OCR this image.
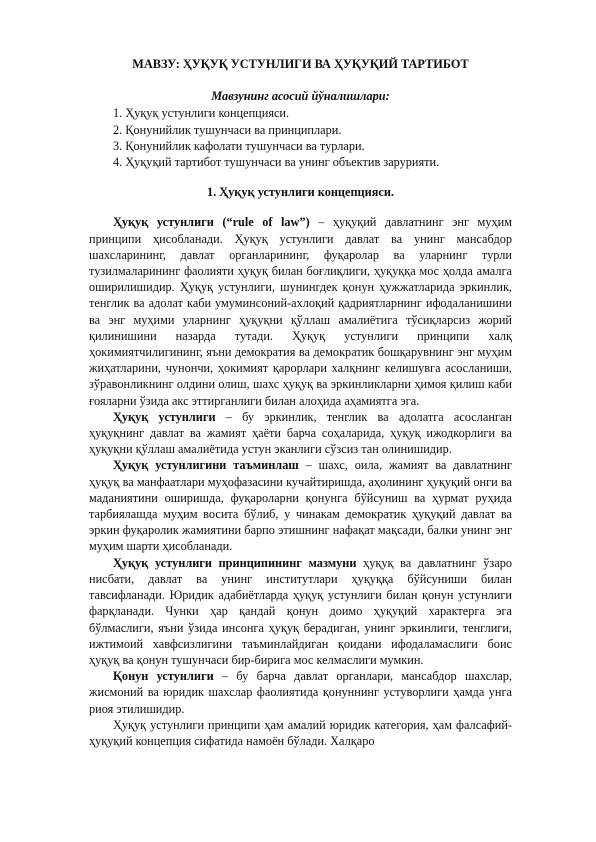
МАВЗУ: ҲУҚУҚ УСТУНЛИГИ ВА ҲУҚУҚИЙ ТАРТИБОТ
Мавзунинг асосий йўналишлари:
1. Ҳуқуқ устунлиги концепцияси.
2. Қонунийлик тушунчаси ва принциплари.
3. Қонунийлик кафолати тушунчаси ва турлари.
4. Ҳуқуқий тартибот тушунчаси ва унинг объектив зарурияти.
1. Ҳуқуқ устунлиги концепцияси.

Ҳуқуқ устунлиги (“rule of law”) – ҳуқуқий давлатнинг энг муҳим принципи ҳисобланади. Ҳуқуқ устунлиги давлат ва унинг мансабдор шахсларининг, давлат органларининг, фуқаролар ва уларнинг турли тузилмаларининг фаолияти ҳуқуқ билан боғлиқлиги, ҳуқуққа мос ҳолда амалга оширилишидир. Ҳуқуқ устунлиги, шунингдек қонун ҳужжатларида эркинлик, тенглик ва адолат каби умуминсоний-ахлоқий қадриятларнинг ифодаланишини ва энг муҳими уларнинг ҳуқуқни қўллаш амалиётига тўсиқларсиз жорий қилинишини назарда тутади. Ҳуқуқ устунлиги принципи халқ ҳокимиятчилигининг, яъни демократия ва демократик бошқарувнинг энг муҳим жиҳатларини, чунончи, ҳокимият қарорлари халқнинг келишувга асосланиши, зўравонликнинг олдини олиш, шахс ҳуқуқ ва эркинликларни ҳимоя қилиш каби ғояларни ўзида акс эттирганлиги билан алоҳида аҳамиятга эга.

Ҳуқуқ устунлиги – бу эркинлик, тенглик ва адолатга асосланган ҳуқуқнинг давлат ва жамият ҳаёти барча соҳаларида, ҳуқуқ ижодкорлиги ва ҳуқуқни қўллаш амалиётида устун эканлиги сўзсиз тан олинишидир.

Ҳуқуқ устунлигини таъминлаш – шахс, оила, жамият ва давлатнинг ҳуқуқ ва манфаатлари муҳофазасини кучайтиришда, аҳолининг ҳуқуқий онги ва маданиятини оширишда, фуқароларни қонунга бўйсуниш ва ҳурмат руҳида тарбиялашда муҳим восита бўлиб, у чинакам демократик ҳуқуқий давлат ва эркин фуқаролик жамиятини барпо этишнинг нафақат мақсади, балки унинг энг муҳим шарти ҳисобланади.

Ҳуқуқ устунлиги принципининг мазмуни ҳуқуқ ва давлатнинг ўзаро нисбати, давлат ва унинг институтлари ҳуқуққа бўйсуниши билан тавсифланади. Юридик адабиётларда ҳуқуқ устунлиги билан қонун устунлиги фарқланади. Чунки ҳар қандай қонун доимо ҳуқуқий характерга эга бўлмаслиги, яъни ўзида инсонга ҳуқуқ берадиган, унинг эркинлиги, тенглиги, ижтимоий хавфсизлигини таъминлайдиган қоидани ифодаламаслиги боис ҳуқуқ ва қонун тушунчаси бир-бирига мос келмаслиги мумкин.

Қонун устунлиги – бу барча давлат органлари, мансабдор шахслар, жисмоний ва юридик шахслар фаолиятида қонуннинг устуворлиги ҳамда унга риоя этилишидир.

Ҳуқуқ устунлиги принципи ҳам амалий юридик категория, ҳам фалсафий-ҳуқуқий концепция сифатида намоён бўлади. Халқаро
